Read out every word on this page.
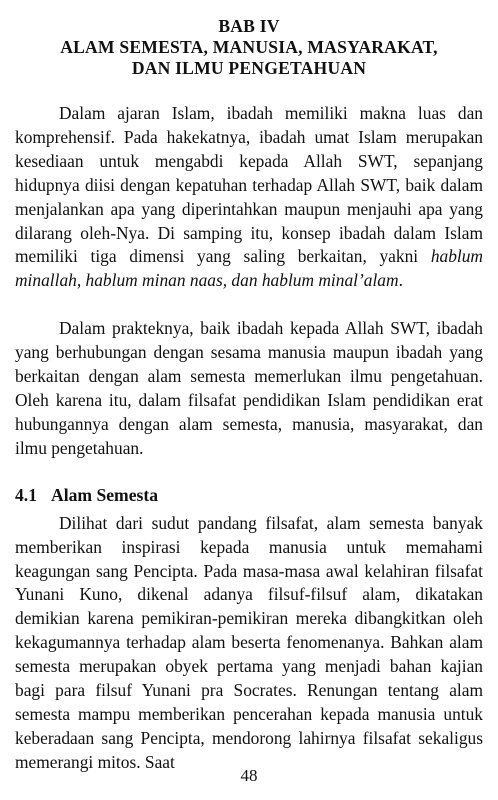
BAB IV
ALAM SEMESTA, MANUSIA, MASYARAKAT,
DAN ILMU PENGETAHUAN

Dalam ajaran Islam, ibadah memiliki makna luas dan komprehensif. Pada hakekatnya, ibadah umat Islam merupakan kesediaan untuk mengabdi kepada Allah SWT, sepanjang hidupnya diisi dengan kepatuhan terhadap Allah SWT, baik dalam menjalankan apa yang diperintahkan maupun menjauhi apa yang dilarang oleh-Nya. Di samping itu, konsep ibadah dalam Islam memiliki tiga dimensi yang saling berkaitan, yakni hablum minallah, hablum minan naas, dan hablum minal’alam.

Dalam prakteknya, baik ibadah kepada Allah SWT, ibadah yang berhubungan dengan sesama manusia maupun ibadah yang berkaitan dengan alam semesta memerlukan ilmu pengetahuan. Oleh karena itu, dalam filsafat pendidikan Islam pendidikan erat hubungannya dengan alam semesta, manusia, masyarakat, dan ilmu pengetahuan.

4.1 Alam Semesta

Dilihat dari sudut pandang filsafat, alam semesta banyak memberikan inspirasi kepada manusia untuk memahami keagungan sang Pencipta. Pada masa-masa awal kelahiran filsafat Yunani Kuno, dikenal adanya filsuf-filsuf alam, dikatakan demikian karena pemikiran-pemikiran mereka dibangkitkan oleh kekagumannya terhadap alam beserta fenomenanya. Bahkan alam semesta merupakan obyek pertama yang menjadi bahan kajian bagi para filsuf Yunani pra Socrates. Renungan tentang alam semesta mampu memberikan pencerahan kepada manusia untuk keberadaan sang Pencipta, mendorong lahirnya filsafat sekaligus memerangi mitos. Saat

48
